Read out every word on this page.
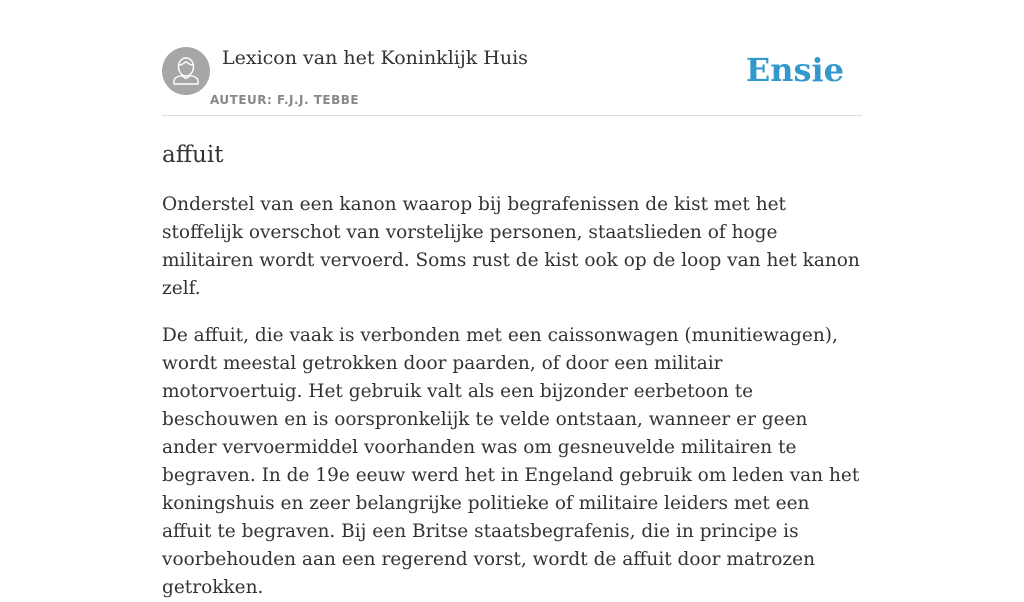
Lexicon van het Koninklijk Huis
AUTEUR: F.J.J. TEBBE
Ensie
affuit

Onderstel van een kanon waarop bij begrafenissen de kist met het stoffelijk overschot van vorstelijke personen, staatslieden of hoge militairen wordt vervoerd. Soms rust de kist ook op de loop van het kanon zelf.

De affuit, die vaak is verbonden met een caissonwagen (munitiewagen), wordt meestal getrokken door paarden, of door een militair motorvoertuig. Het gebruik valt als een bijzonder eerbetoon te beschouwen en is oorspronkelijk te velde ontstaan, wanneer er geen ander vervoermiddel voorhanden was om gesneuvelde militairen te begraven. In de 19e eeuw werd het in Engeland gebruik om leden van het koningshuis en zeer belangrijke politieke of militaire leiders met een affuit te begraven. Bij een Britse staatsbegrafenis, die in principe is voorbehouden aan een regerend vorst, wordt de affuit door matrozen getrokken.
